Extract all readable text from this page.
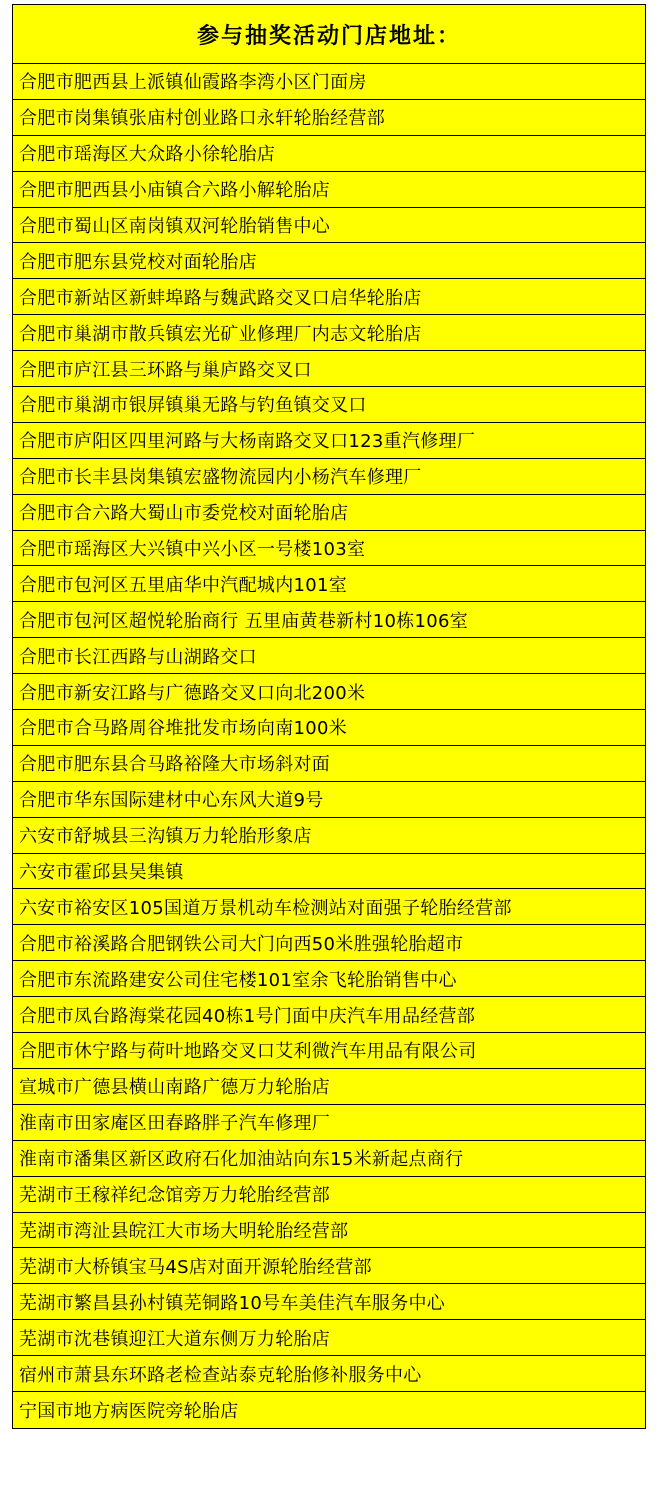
参与抽奖活动门店地址：
合肥市肥西县上派镇仙霞路李湾小区门面房
合肥市岗集镇张庙村创业路口永轩轮胎经营部
合肥市瑶海区大众路小徐轮胎店
合肥市肥西县小庙镇合六路小解轮胎店
合肥市蜀山区南岗镇双河轮胎销售中心
合肥市肥东县党校对面轮胎店
合肥市新站区新蚌埠路与魏武路交叉口启华轮胎店
合肥市巢湖市散兵镇宏光矿业修理厂内志文轮胎店
合肥市庐江县三环路与巢庐路交叉口
合肥市巢湖市银屏镇巢无路与钓鱼镇交叉口
合肥市庐阳区四里河路与大杨南路交叉口123重汽修理厂
合肥市长丰县岗集镇宏盛物流园内小杨汽车修理厂
合肥市合六路大蜀山市委党校对面轮胎店
合肥市瑶海区大兴镇中兴小区一号楼103室
合肥市包河区五里庙华中汽配城内101室
合肥市包河区超悦轮胎商行 五里庙黄巷新村10栋106室
合肥市长江西路与山湖路交口
合肥市新安江路与广德路交叉口向北200米
合肥市合马路周谷堆批发市场向南100米
合肥市肥东县合马路裕隆大市场斜对面
合肥市华东国际建材中心东风大道9号
六安市舒城县三沟镇万力轮胎形象店
六安市霍邱县吴集镇
六安市裕安区105国道万景机动车检测站对面强子轮胎经营部
合肥市裕溪路合肥钢铁公司大门向西50米胜强轮胎超市
合肥市东流路建安公司住宅楼101室余飞轮胎销售中心
合肥市凤台路海棠花园40栋1号门面中庆汽车用品经营部
合肥市休宁路与荷叶地路交叉口艾利微汽车用品有限公司
宣城市广德县横山南路广德万力轮胎店
淮南市田家庵区田春路胖子汽车修理厂
淮南市潘集区新区政府石化加油站向东15米新起点商行
芜湖市王稼祥纪念馆旁万力轮胎经营部
芜湖市湾沚县皖江大市场大明轮胎经营部
芜湖市大桥镇宝马4S店对面开源轮胎经营部
芜湖市繁昌县孙村镇芜铜路10号车美佳汽车服务中心
芜湖市沈巷镇迎江大道东侧万力轮胎店
宿州市萧县东环路老检查站泰克轮胎修补服务中心
宁国市地方病医院旁轮胎店
